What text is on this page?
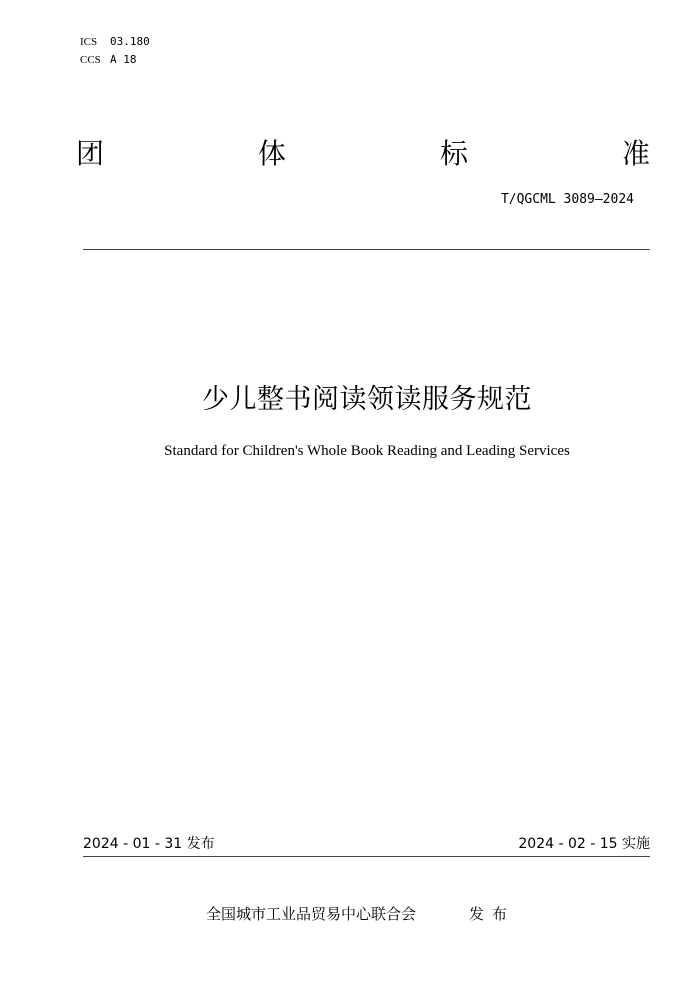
ICS 03.180
CCS A 18
团	体	标	准
T/QGCML 3089—2024
少儿整书阅读领读服务规范
Standard for Children's Whole Book Reading and Leading Services
2024 - 01 - 31 发布	2024 - 02 - 15 实施
全国城市工业品贸易中心联合会	发布
